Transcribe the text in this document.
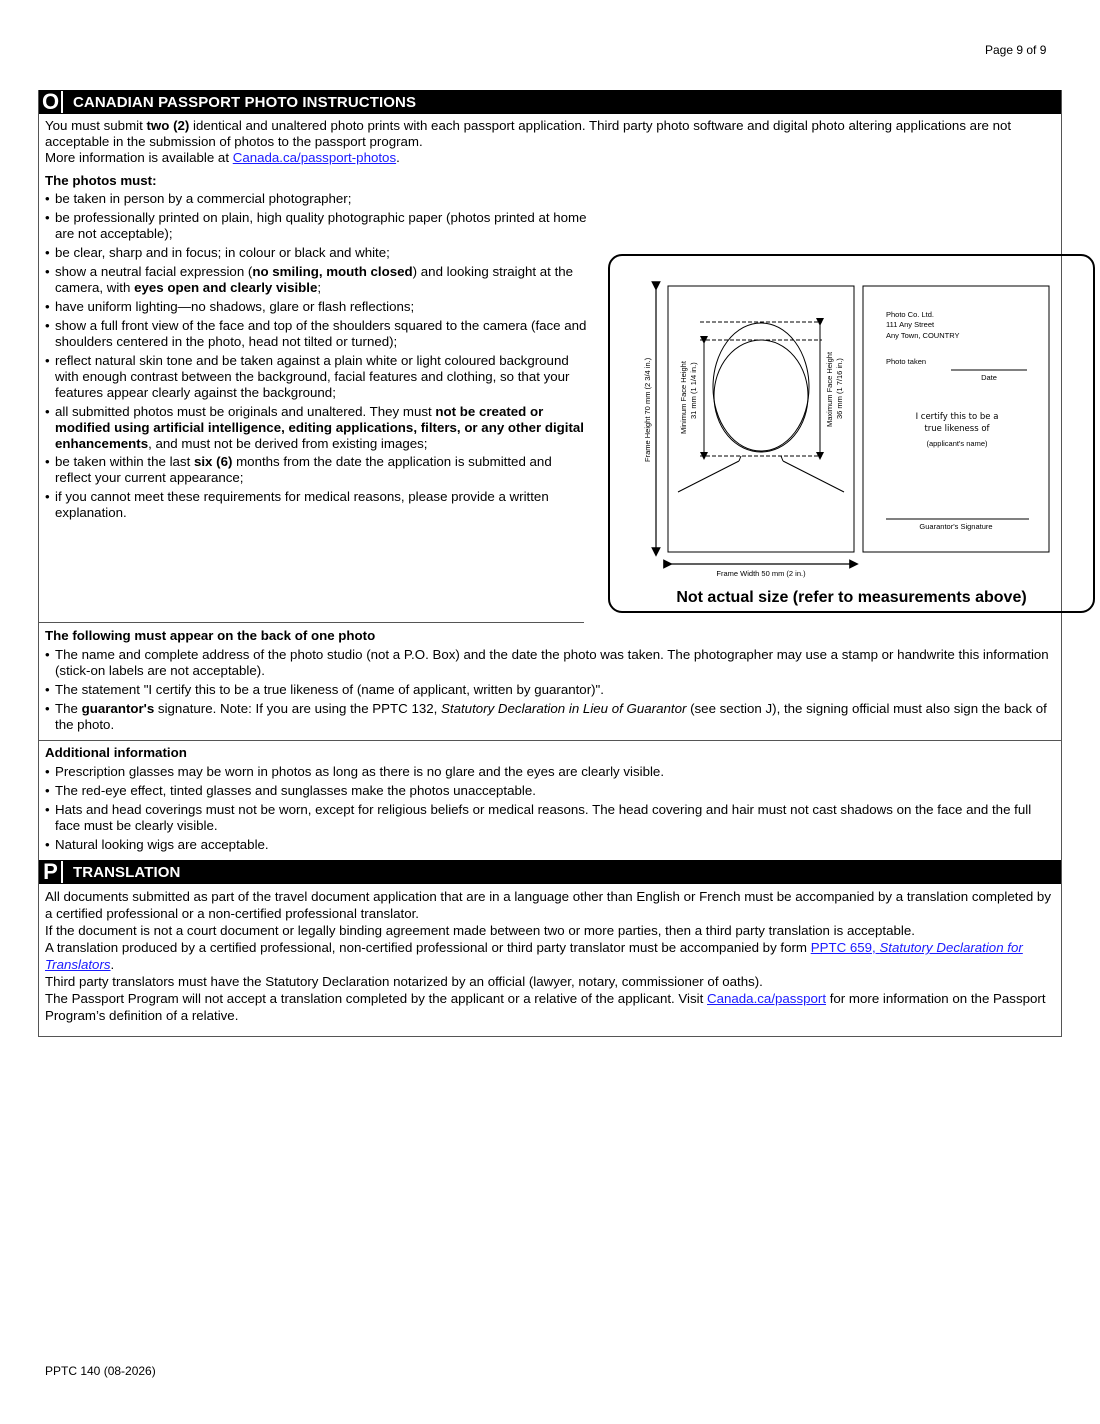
Page 9 of 9
O CANADIAN PASSPORT PHOTO INSTRUCTIONS
You must submit two (2) identical and unaltered photo prints with each passport application. Third party photo software and digital photo altering applications are not acceptable in the submission of photos to the passport program.
More information is available at Canada.ca/passport-photos.
The photos must:
• be taken in person by a commercial photographer;
• be professionally printed on plain, high quality photographic paper (photos printed at home are not acceptable);
• be clear, sharp and in focus; in colour or black and white;
• show a neutral facial expression (no smiling, mouth closed) and looking straight at the camera, with eyes open and clearly visible;
• have uniform lighting—no shadows, glare or flash reflections;
• show a full front view of the face and top of the shoulders squared to the camera (face and shoulders centered in the photo, head not tilted or turned);
• reflect natural skin tone and be taken against a plain white or light coloured background with enough contrast between the background, facial features and clothing, so that your features appear clearly against the background;
• all submitted photos must be originals and unaltered. They must not be created or modified using artificial intelligence, editing applications, filters, or any other digital enhancements, and must not be derived from existing images;
• be taken within the last six (6) months from the date the application is submitted and reflect your current appearance;
• if you cannot meet these requirements for medical reasons, please provide a written explanation.
Frame Height 70 mm (2 3/4 in.)	Minimum Face Height 31 mm (1 1/4 in.)	Maximum Face Height 36 mm (1 7/16 in.)
Frame Width 50 mm (2 in.)
Photo Co. Ltd.
111 Any Street
Any Town, COUNTRY
Photo taken
Date
I certify this to be a
true likeness of
(applicant's name)
Guarantor's Signature
Not actual size (refer to measurements above)
The following must appear on the back of one photo
• The name and complete address of the photo studio (not a P.O. Box) and the date the photo was taken. The photographer may use a stamp or handwrite this information (stick-on labels are not acceptable).
• The statement "I certify this to be a true likeness of (name of applicant, written by guarantor)".
• The guarantor's signature. Note: If you are using the PPTC 132, Statutory Declaration in Lieu of Guarantor (see section J), the signing official must also sign the back of the photo.
Additional information
• Prescription glasses may be worn in photos as long as there is no glare and the eyes are clearly visible.
• The red-eye effect, tinted glasses and sunglasses make the photos unacceptable.
• Hats and head coverings must not be worn, except for religious beliefs or medical reasons. The head covering and hair must not cast shadows on the face and the full face must be clearly visible.
• Natural looking wigs are acceptable.
P	TRANSLATION

All documents submitted as part of the travel document application that are in a language other than English or French must be accompanied by a translation completed by a certified professional or a non-certified professional translator.

If the document is not a court document or legally binding agreement made between two or more parties, then a third party translation is acceptable.

A translation produced by a certified professional, non-certified professional or third party translator must be accompanied by form PPTC 659, Statutory Declaration for Translators.

Third party translators must have the Statutory Declaration notarized by an official (lawyer, notary, commissioner of oaths).

The Passport Program will not accept a translation completed by the applicant or a relative of the applicant. Visit Canada.ca/passport for more information on the Passport Program’s definition of a relative.

PPTC 140 (08-2026)
